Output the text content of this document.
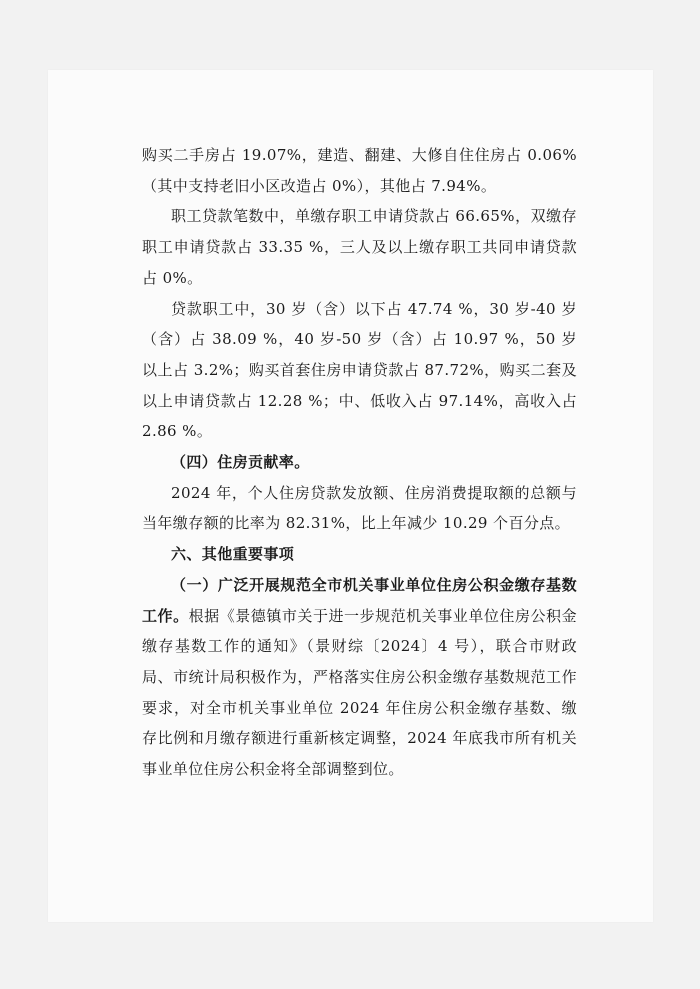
购买二手房占 19.07%，建造、翻建、大修自住住房占 0.06%（其中支持老旧小区改造占 0%），其他占 7.94%。

职工贷款笔数中，单缴存职工申请贷款占 66.65%，双缴存职工申请贷款占 33.35 %，三人及以上缴存职工共同申请贷款占 0%。

贷款职工中，30 岁（含）以下占 47.74 %，30 岁-40 岁（含）占 38.09 %，40 岁-50 岁（含）占 10.97 %，50 岁以上占 3.2%；购买首套住房申请贷款占 87.72%，购买二套及以上申请贷款占 12.28 %；中、低收入占 97.14%，高收入占 2.86 %。

（四）住房贡献率。

2024 年，个人住房贷款发放额、住房消费提取额的总额与当年缴存额的比率为 82.31%，比上年减少 10.29 个百分点。

六、其他重要事项

（一）广泛开展规范全市机关事业单位住房公积金缴存基数工作。根据《景德镇市关于进一步规范机关事业单位住房公积金缴存基数工作的通知》（景财综〔2024〕4 号），联合市财政局、市统计局积极作为，严格落实住房公积金缴存基数规范工作要求，对全市机关事业单位 2024 年住房公积金缴存基数、缴存比例和月缴存额进行重新核定调整，2024 年底我市所有机关事业单位住房公积金将全部调整到位。
